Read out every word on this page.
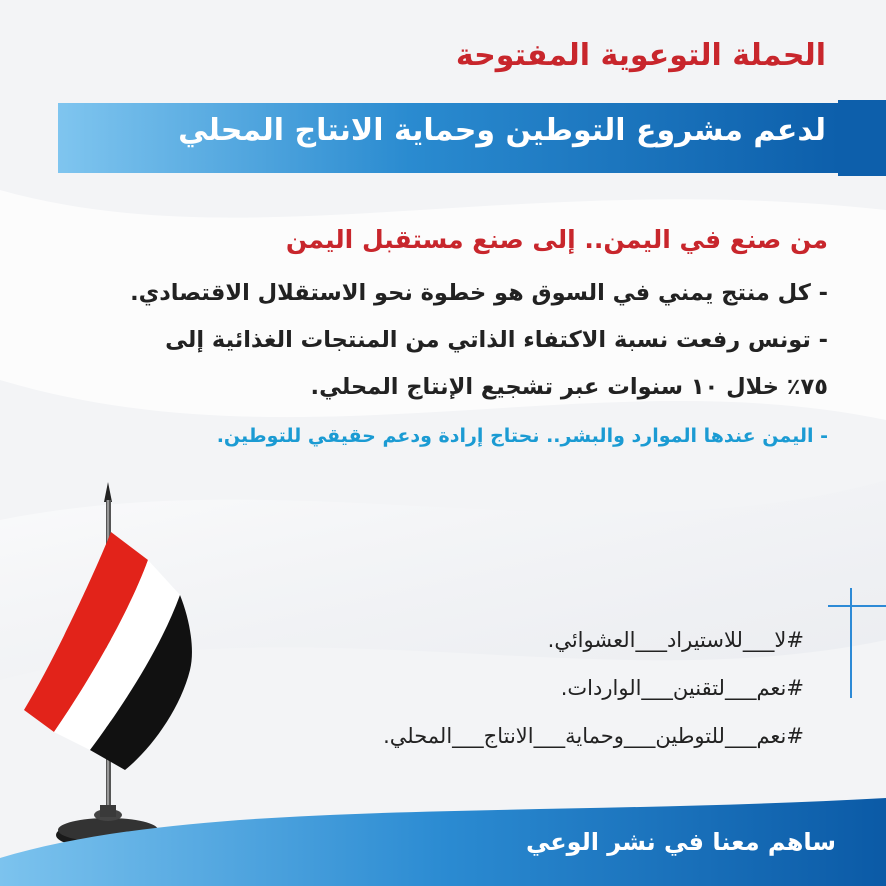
الحملة التوعوية المفتوحة
لدعم مشروع التوطين وحماية الانتاج المحلي
من صنع في اليمن.. إلى صنع مستقبل اليمن
- كل منتج يمني في السوق هو خطوة نحو الاستقلال الاقتصادي.
- تونس رفعت نسبة الاكتفاء الذاتي من المنتجات الغذائية إلى
٧٥٪ خلال ١٠ سنوات عبر تشجيع الإنتاج المحلي.
- اليمن عندها الموارد والبشر.. نحتاج إرادة ودعم حقيقي للتوطين.
#لا___للاستيراد___العشوائي.
#نعم___لتقنين___الواردات.
#نعم___للتوطين___وحماية___الانتاج___المحلي.
ساهم معنا في نشر الوعي
